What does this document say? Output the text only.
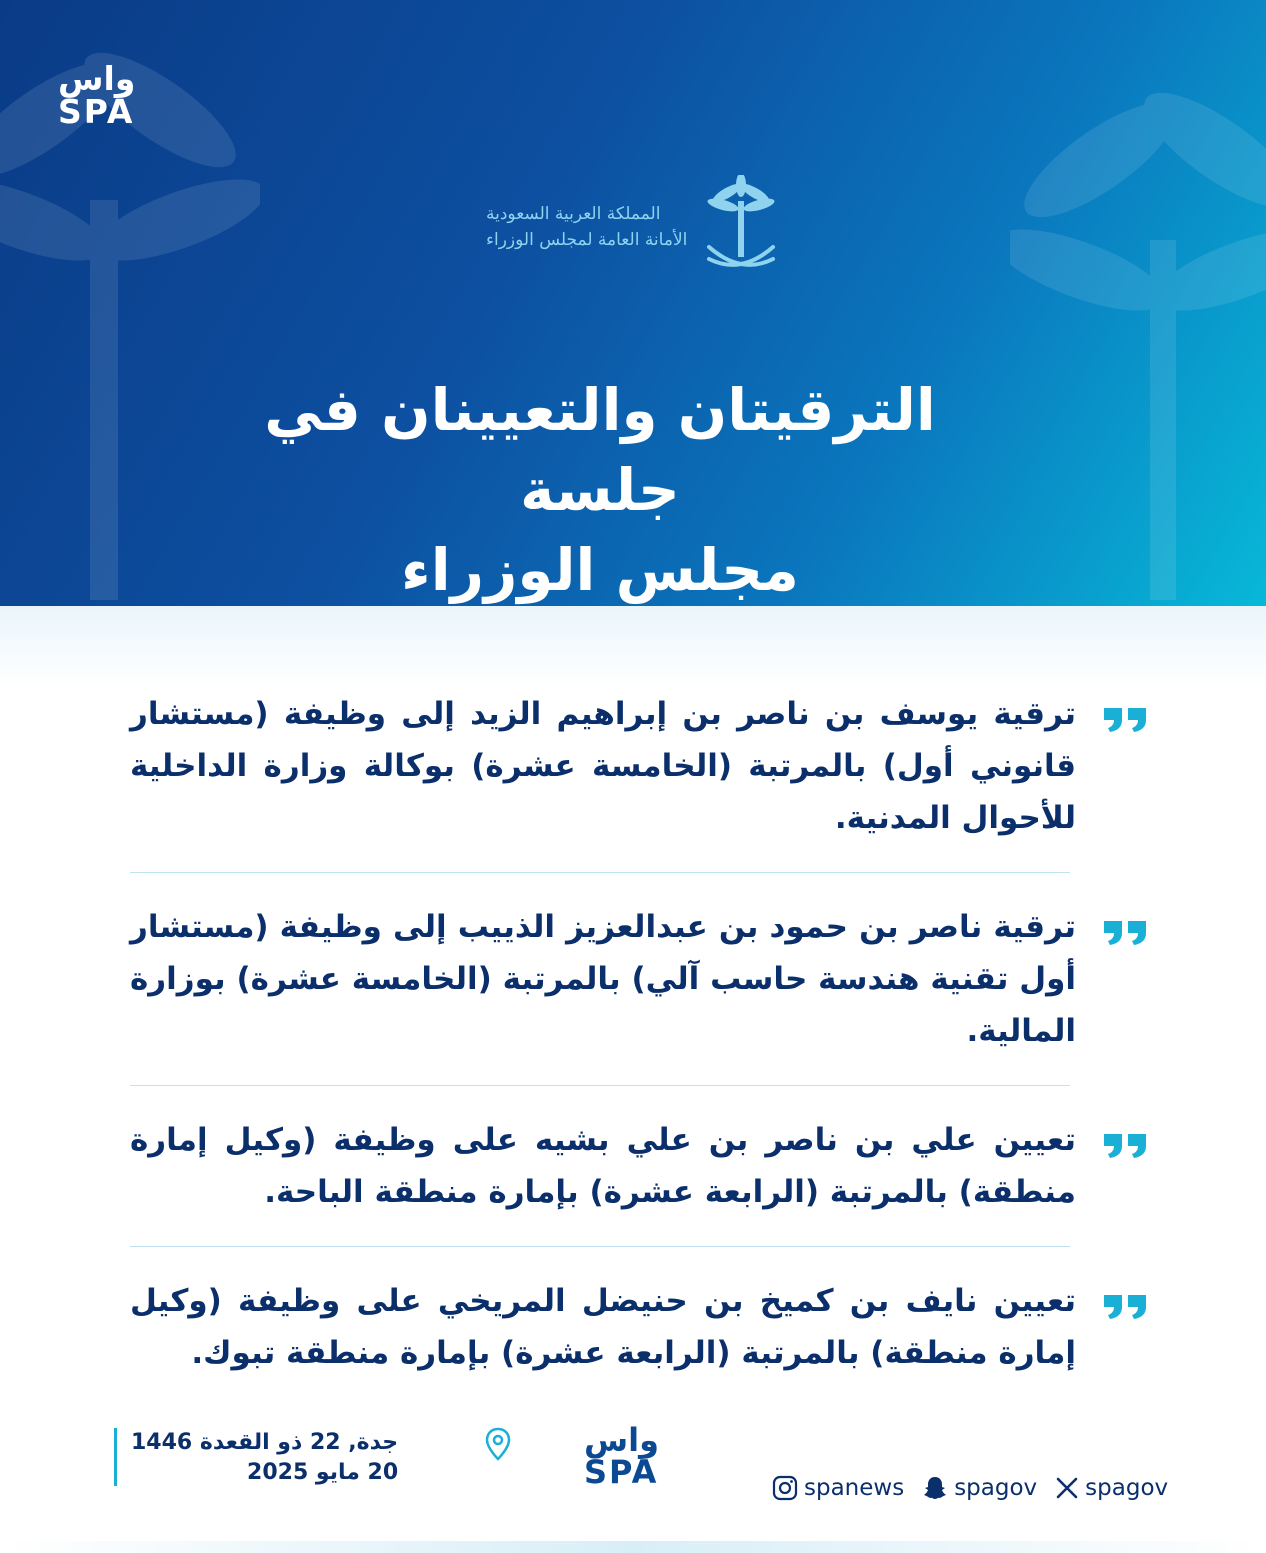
واس
SPA
المملكة العربية السعودية
الأمانة العامة لمجلس الوزراء
الترقيتان والتعيينان في جلسة
مجلس الوزراء
ترقية يوسف بن ناصر بن إبراهيم الزيد إلى وظيفة (مستشار قانوني أول) بالمرتبة (الخامسة عشرة) بوكالة وزارة الداخلية للأحوال المدنية.
ترقية ناصر بن حمود بن عبدالعزيز الذييب إلى وظيفة (مستشار أول تقنية هندسة حاسب آلي) بالمرتبة (الخامسة عشرة) بوزارة المالية.
تعيين علي بن ناصر بن علي بشيه على وظيفة (وكيل إمارة منطقة) بالمرتبة (الرابعة عشرة) بإمارة منطقة الباحة.
تعيين نايف بن كميخ بن حنيضل المريخي على وظيفة (وكيل إمارة منطقة) بالمرتبة (الرابعة عشرة) بإمارة منطقة تبوك.
جدة, 22 ذو القعدة 1446
20 مايو 2025
واس
SPA	spanews spagov spagov
